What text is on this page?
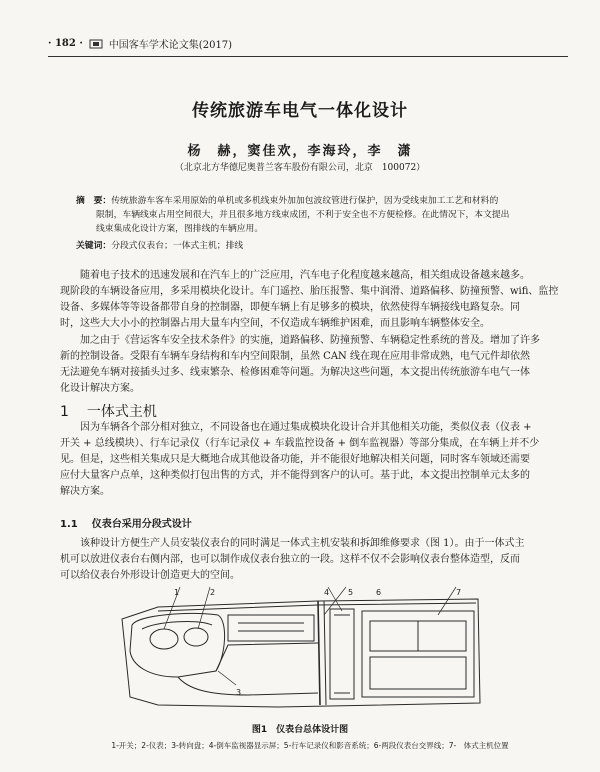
· 182 ·	中国客车学术论文集(2017)
传统旅游车电气一体化设计
杨　赫，窦佳欢，李海玲，李　潇
（北京北方华德尼奥普兰客车股份有限公司，北京　100072）
摘　要：传统旅游车客车采用原始的单机或多机线束外加加包波纹管进行保护，因为受线束加工工艺和材料的
限制，车辆线束占用空间很大，并且很多地方线束成团，不利于安全也不方便检修。在此情况下，本文提出
线束集成化设计方案，图排线的车辆应用。
关键词：分段式仪表台；一体式主机；排线
　　随着电子技术的迅速发展和在汽车上的广泛应用，汽车电子化程度越来越高，相关组成设备越来越多。
现阶段的车辆设备应用，多采用模块化设计。车门遥控、胎压报警、集中润滑、道路偏移、防撞预警、wifi、监控
设备、多媒体等等设备都带自身的控制器，即便车辆上有足够多的模块，依然使得车辆接线电路复杂。同
时，这些大大小小的控制器占用大量车内空间，不仅造成车辆维护困难，而且影响车辆整体安全。
　　加之由于《营运客车安全技术条件》的实施，道路偏移、防撞预警、车辆稳定性系统的普及。增加了许多
新的控制设备。受限有车辆车身结构和车内空间限制，虽然 CAN 线在现在应用非常成熟，电气元件却依然
无法避免车辆对接插头过多、线束繁杂、检修困难等问题。为解决这些问题，本文提出传统旅游车电气一体
化设计解决方案。
1 一体式主机
　　因为车辆各个部分相对独立，不同设备也在通过集成模块化设计合并其他相关功能，类似仪表（仪表 +
开关 + 总线模块）、行车记录仪（行车记录仪 + 车载监控设备 + 倒车监视器）等部分集成，在车辆上并不少
见。但是，这些相关集成只是大概地合成其他设备功能，并不能很好地解决相关问题，同时客车领域还需要
应付大量客户点单，这种类似打包出售的方式，并不能得到客户的认可。基于此，本文提出控制单元太多的
解决方案。
1.1 仪表台采用分段式设计
　　该种设计方便生产人员安装仪表台的同时满足一体式主机安装和拆卸维修要求（图 1）。由于一体式主
机可以放进仪表台右侧内部，也可以制作成仪表台独立的一段。这样不仅不会影响仪表台整体造型，反而
可以给仪表台外形设计创造更大的空间。
1	2
3
4 5	6	7
图1　仪表台总体设计图
1-开关；2-仪表；3-转向盘；4-倒车监视器显示屏；5-行车记录仪和影音系统；6-两段仪表台交界线；7-　体式主机位置
